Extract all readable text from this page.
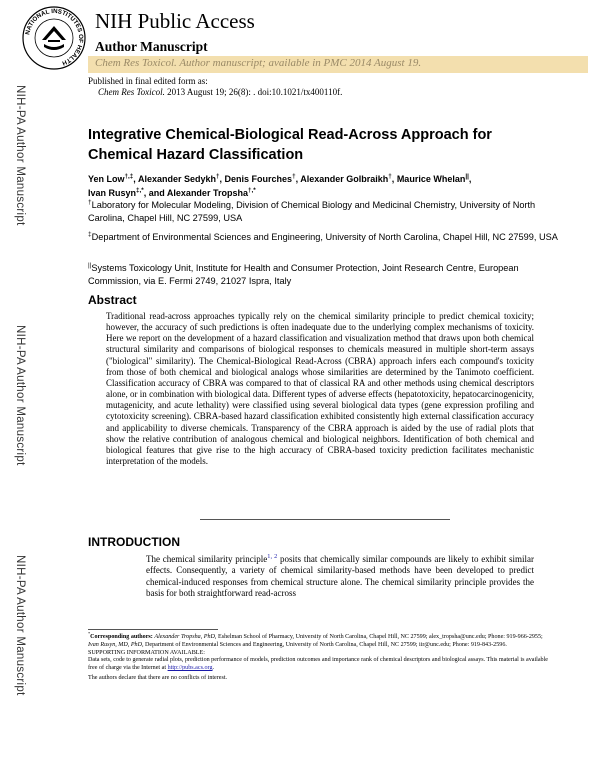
NATIONAL INSTITUTES OF HEALTH
NIH Public Access
Author Manuscript
Chem Res Toxicol. Author manuscript; available in PMC 2014 August 19.
Published in final edited form as:
Chem Res Toxicol. 2013 August 19; 26(8): . doi:10.1021/tx400110f.
NIH-PA Author Manuscript
NIH-PA Author Manuscript
NIH-PA Author Manuscript
Integrative Chemical-Biological Read-Across Approach for Chemical Hazard Classification
Yen Low†,‡, Alexander Sedykh†, Denis Fourches†, Alexander Golbraikh†, Maurice Whelan||,
Ivan Rusyn‡,*, and Alexander Tropsha†,*
†Laboratory for Molecular Modeling, Division of Chemical Biology and Medicinal Chemistry, University of North Carolina, Chapel Hill, NC 27599, USA
‡Department of Environmental Sciences and Engineering, University of North Carolina, Chapel Hill, NC 27599, USA
||Systems Toxicology Unit, Institute for Health and Consumer Protection, Joint Research Centre, European Commission, via E. Fermi 2749, 21027 Ispra, Italy
Abstract
Traditional read-across approaches typically rely on the chemical similarity principle to predict chemical toxicity; however, the accuracy of such predictions is often inadequate due to the underlying complex mechanisms of toxicity. Here we report on the development of a hazard classification and visualization method that draws upon both chemical structural similarity and comparisons of biological responses to chemicals measured in multiple short-term assays ("biological" similarity). The Chemical-Biological Read-Across (CBRA) approach infers each compound's toxicity from those of both chemical and biological analogs whose similarities are determined by the Tanimoto coefficient. Classification accuracy of CBRA was compared to that of classical RA and other methods using chemical descriptors alone, or in combination with biological data. Different types of adverse effects (hepatotoxicity, hepatocarcinogenicity, mutagenicity, and acute lethality) were classified using several biological data types (gene expression profiling and cytotoxicity screening). CBRA-based hazard classification exhibited consistently high external classification accuracy and applicability to diverse chemicals. Transparency of the CBRA approach is aided by the use of radial plots that show the relative contribution of analogous chemical and biological neighbors. Identification of both chemical and biological features that give rise to the high accuracy of CBRA-based toxicity prediction facilitates mechanistic interpretation of the models.
INTRODUCTION
The chemical similarity principle$^{1, 2}$ posits that chemically similar compounds are likely to exhibit similar effects. Consequently, a variety of chemical similarity-based methods have been developed to predict chemical-induced responses from chemical structure alone. The chemical similarity principle provides the basis for both straightforward read-across

*Corresponding authors: Alexander Tropsha, PhD, Eshelman School of Pharmacy, University of North Carolina, Chapel Hill, NC 27599; alex_tropsha@unc.edu; Phone: 919-966-2955; Ivan Rusyn, MD, PhD, Department of Environmental Sciences and Engineering, University of North Carolina, Chapel Hill, NC 27599; iir@unc.edu; Phone: 919-843-2596.

SUPPORTING INFORMATION AVAILABLE:

Data sets, code to generate radial plots, prediction performance of models, prediction outcomes and importance rank of chemical descriptors and biological assays. This material is available free of charge via the Internet at http://pubs.acs.org.

The authors declare that there are no conflicts of interest.
